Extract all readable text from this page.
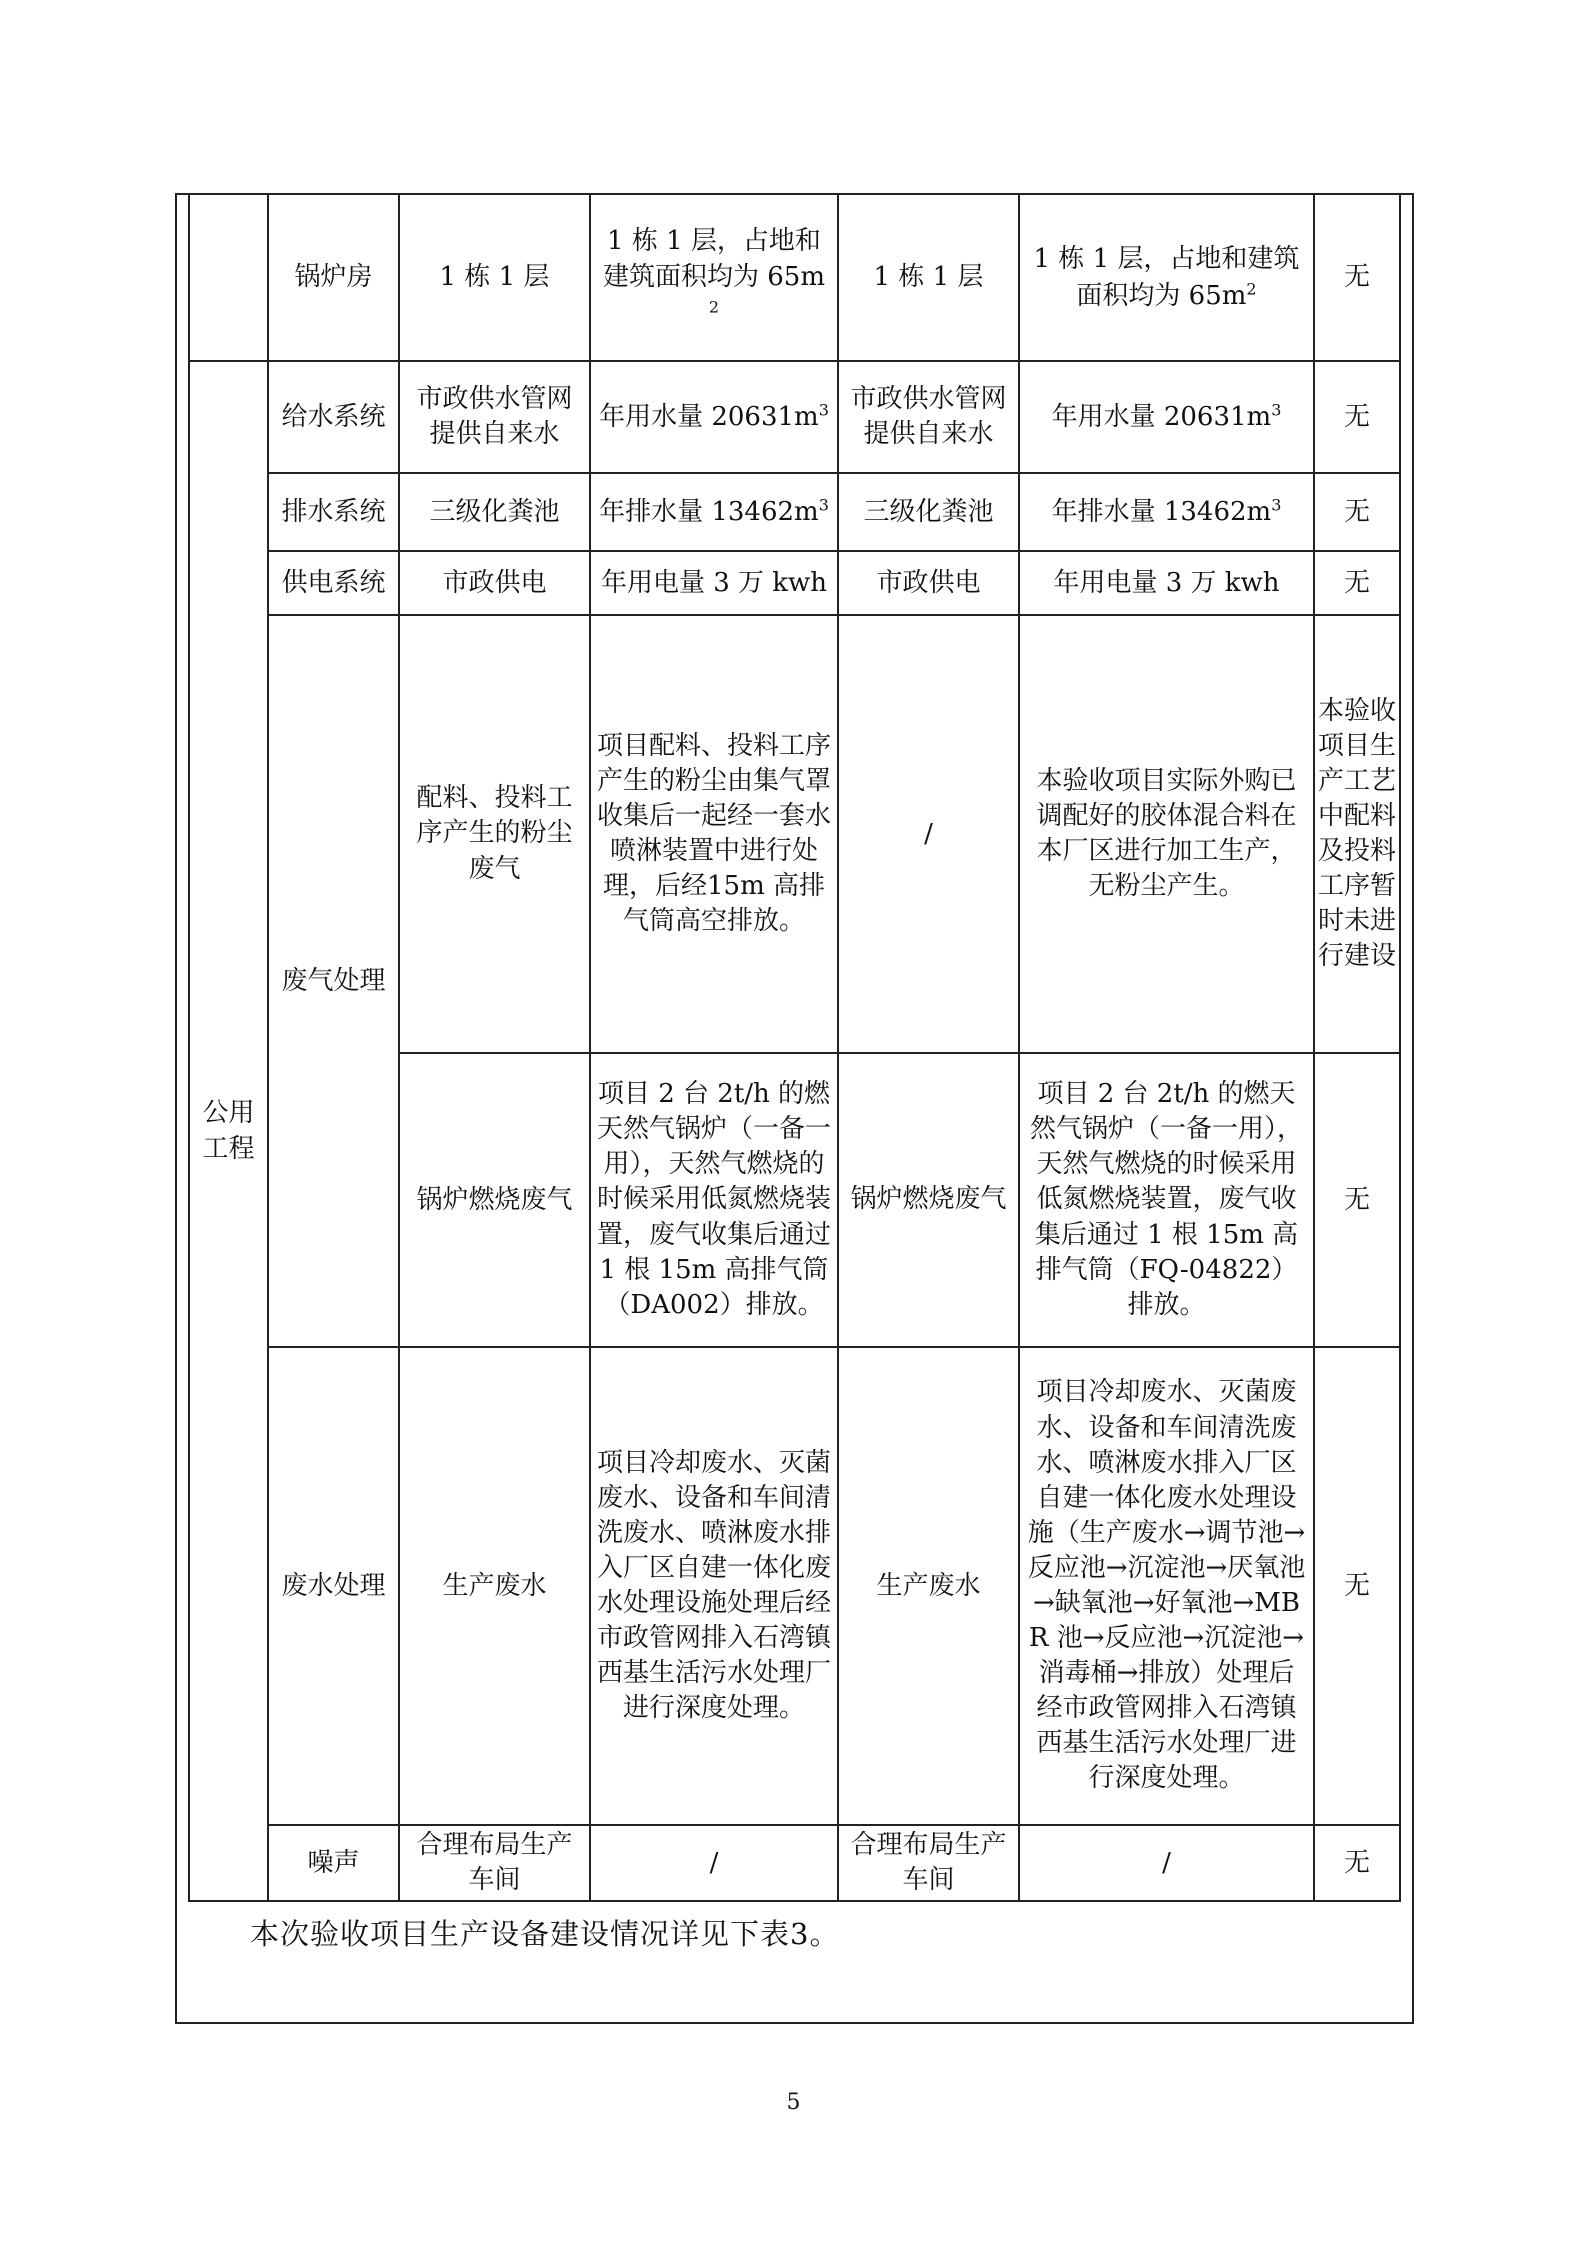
	锅炉房	1 栋 1 层	1 栋 1 层，占地和建筑面积均为 $65m^2$	1 栋 1 层	1 栋 1 层，占地和建筑面积均为 $65m^2$	无
公用工程	给水系统	市政供水管网提供自来水	年用水量 $20631m^3$	市政供水管网提供自来水	年用水量 $20631m^3$	无
	排水系统	三级化粪池	年排水量 $13462m^3$	三级化粪池	年排水量 $13462m^3$	无
	供电系统	市政供电	年用电量 3 万 kwh	市政供电	年用电量 3 万 kwh	无
	废气处理	配料、投料工序产生的粉尘废气	项目配料、投料工序产生的粉尘由集气罩收集后一起经一套水喷淋装置中进行处理，后经15m 高排气筒高空排放。	/	本验收项目实际外购已调配好的胶体混合料在本厂区进行加工生产，无粉尘产生。	本验收项目生产工艺中配料及投料工序暂时未进行建设
		锅炉燃烧废气	项目 2 台 2t/h 的燃天然气锅炉（一备一用），天然气燃烧的时候采用低氮燃烧装置，废气收集后通过 1 根 15m 高排气筒（DA002）排放。	锅炉燃烧废气	项目 2 台 2t/h 的燃天然气锅炉（一备一用），天然气燃烧的时候采用低氮燃烧装置，废气收集后通过 1 根 15m 高排气筒（FQ-04822）排放。	无
	废水处理	生产废水	项目冷却废水、灭菌废水、设备和车间清洗废水、喷淋废水排入厂区自建一体化废水处理设施处理后经市政管网排入石湾镇西基生活污水处理厂进行深度处理。	生产废水	项目冷却废水、灭菌废水、设备和车间清洗废水、喷淋废水排入厂区自建一体化废水处理设施（生产废水→调节池→反应池→沉淀池→厌氧池→缺氧池→好氧池→MBR 池→反应池→沉淀池→消毒桶→排放）处理后经市政管网排入石湾镇西基生活污水处理厂进行深度处理。	无
	噪声	合理布局生产车间	/	合理布局生产车间	/	无
本次验收项目生产设备建设情况详见下表3。
5
